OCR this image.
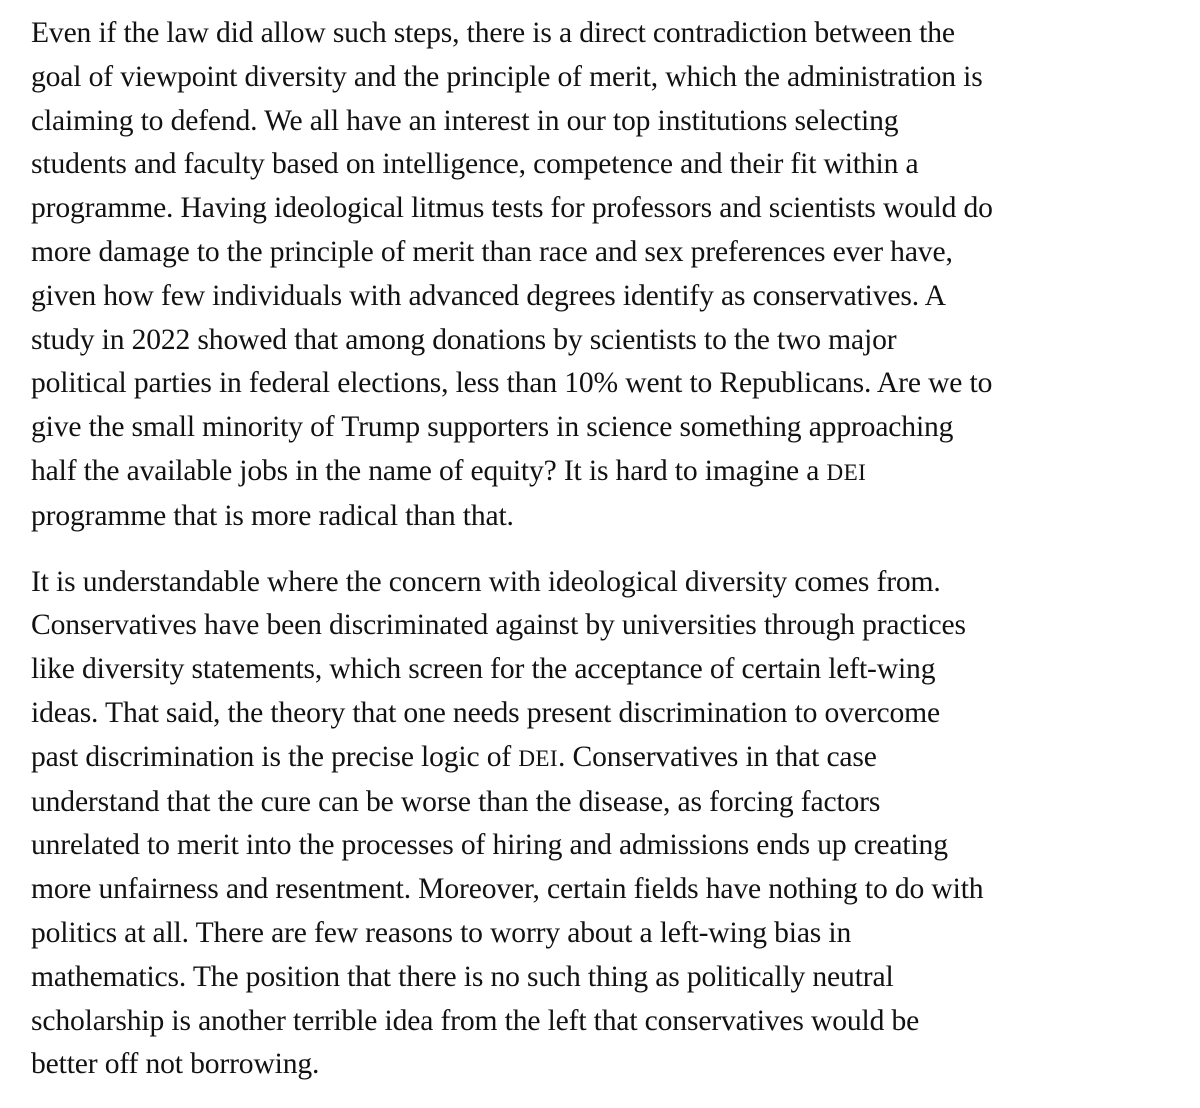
Even if the law did allow such steps, there is a direct contradiction between the
goal of viewpoint diversity and the principle of merit, which the administration is
claiming to defend. We all have an interest in our top institutions selecting
students and faculty based on intelligence, competence and their fit within a
programme. Having ideological litmus tests for professors and scientists would do
more damage to the principle of merit than race and sex preferences ever have,
given how few individuals with advanced degrees identify as conservatives. A
study in 2022 showed that among donations by scientists to the two major
political parties in federal elections, less than 10% went to Republicans. Are we to
give the small minority of Trump supporters in science something approaching
half the available jobs in the name of equity? It is hard to imagine a DEI
programme that is more radical than that.

It is understandable where the concern with ideological diversity comes from.
Conservatives have been discriminated against by universities through practices
like diversity statements, which screen for the acceptance of certain left-wing
ideas. That said, the theory that one needs present discrimination to overcome
past discrimination is the precise logic of DEI. Conservatives in that case
understand that the cure can be worse than the disease, as forcing factors
unrelated to merit into the processes of hiring and admissions ends up creating
more unfairness and resentment. Moreover, certain fields have nothing to do with
politics at all. There are few reasons to worry about a left-wing bias in
mathematics. The position that there is no such thing as politically neutral
scholarship is another terrible idea from the left that conservatives would be
better off not borrowing.
